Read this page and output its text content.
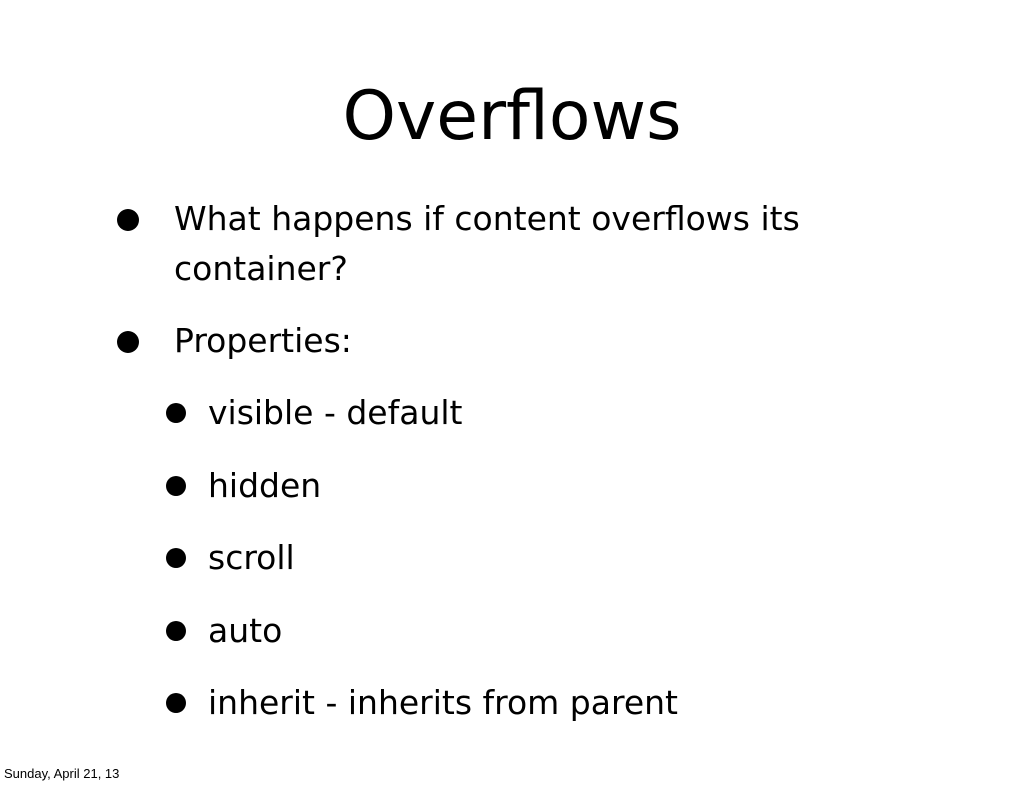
Overflows
What happens if content overflows its
container?
Properties:
visible - default
hidden
scroll
auto
inherit - inherits from parent
Sunday, April 21, 13
